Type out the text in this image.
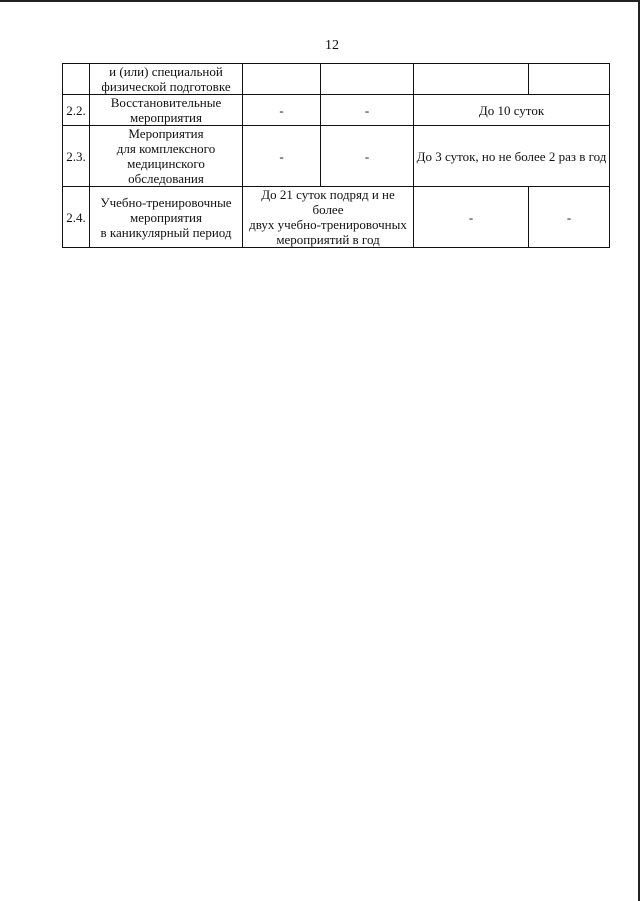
12
	и (или) специальной
физической подготовке				
2.2.	Восстановительные
мероприятия	-	-	До 10 суток	
2.3.	Мероприятия
для комплексного
медицинского
обследования	-	-	До 3 суток, но не более 2 раз в год	
2.4.	Учебно-тренировочные
мероприятия
в каникулярный период	До 21 суток подряд и не более
двух учебно-тренировочных
мероприятий в год		-	-
